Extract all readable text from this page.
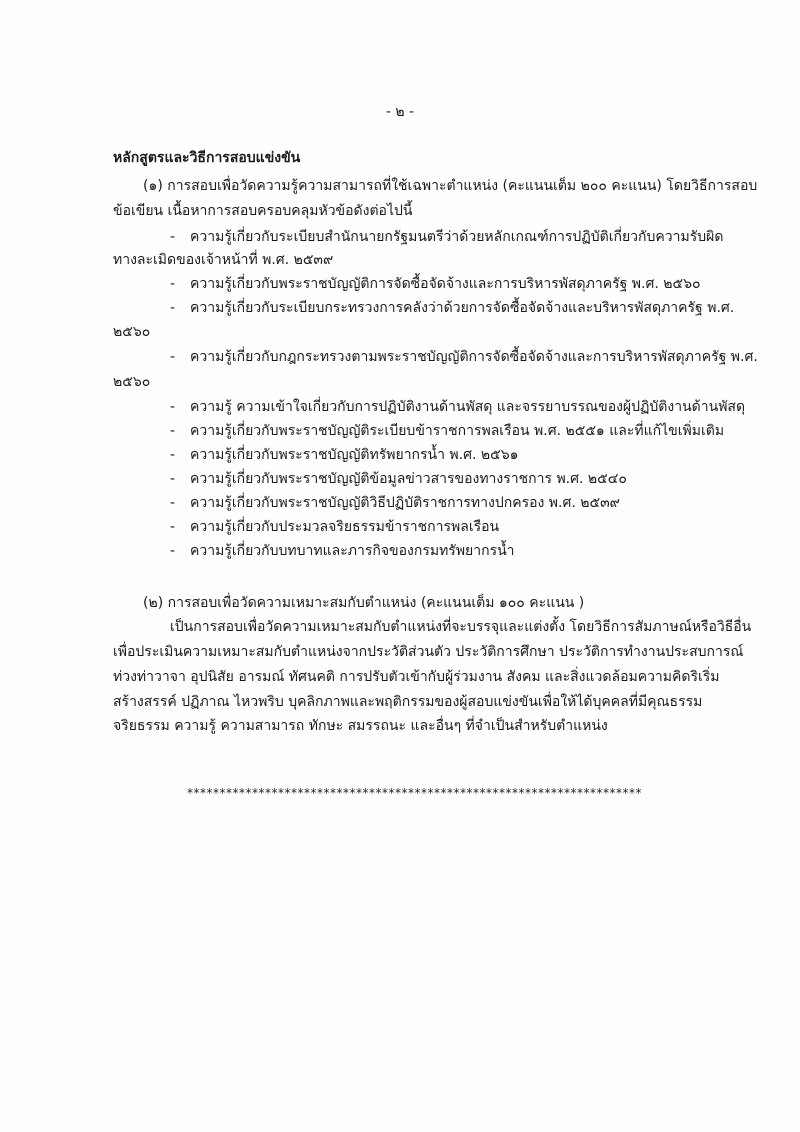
- ๒ -
หลักสูตรและวิธีการสอบแข่งขัน
(๑) การสอบเพื่อวัดความรู้ความสามารถที่ใช้เฉพาะตำแหน่ง (คะแนนเต็ม ๒๐๐ คะแนน) โดยวิธีการสอบ
ข้อเขียน เนื้อหาการสอบครอบคลุมหัวข้อดังต่อไปนี้
- ความรู้เกี่ยวกับระเบียบสำนักนายกรัฐมนตรีว่าด้วยหลักเกณฑ์การปฏิบัติเกี่ยวกับความรับผิด
ทางละเมิดของเจ้าหน้าที่ พ.ศ. ๒๕๓๙
- ความรู้เกี่ยวกับพระราชบัญญัติการจัดซื้อจัดจ้างและการบริหารพัสดุภาครัฐ พ.ศ. ๒๕๖๐
- ความรู้เกี่ยวกับระเบียบกระทรวงการคลังว่าด้วยการจัดซื้อจัดจ้างและบริหารพัสดุภาครัฐ พ.ศ.
๒๕๖๐
- ความรู้เกี่ยวกับกฎกระทรวงตามพระราชบัญญัติการจัดซื้อจัดจ้างและการบริหารพัสดุภาครัฐ พ.ศ.
๒๕๖๐
- ความรู้ ความเข้าใจเกี่ยวกับการปฏิบัติงานด้านพัสดุ และจรรยาบรรณของผู้ปฏิบัติงานด้านพัสดุ
- ความรู้เกี่ยวกับพระราชบัญญัติระเบียบข้าราชการพลเรือน พ.ศ. ๒๕๕๑ และที่แก้ไขเพิ่มเติม
- ความรู้เกี่ยวกับพระราชบัญญัติทรัพยากรน้ำ พ.ศ. ๒๕๖๑
- ความรู้เกี่ยวกับพระราชบัญญัติข้อมูลข่าวสารของทางราชการ พ.ศ. ๒๕๔๐
- ความรู้เกี่ยวกับพระราชบัญญัติวิธีปฏิบัติราชการทางปกครอง พ.ศ. ๒๕๓๙
- ความรู้เกี่ยวกับประมวลจริยธรรมข้าราชการพลเรือน
- ความรู้เกี่ยวกับบทบาทและภารกิจของกรมทรัพยากรน้ำ
(๒) การสอบเพื่อวัดความเหมาะสมกับตำแหน่ง (คะแนนเต็ม ๑๐๐ คะแนน )
เป็นการสอบเพื่อวัดความเหมาะสมกับตำแหน่งที่จะบรรจุและแต่งตั้ง โดยวิธีการสัมภาษณ์หรือวิธีอื่น
เพื่อประเมินความเหมาะสมกับตำแหน่งจากประวัติส่วนตัว ประวัติการศึกษา ประวัติการทำงานประสบการณ์
ท่วงท่าวาจา อุปนิสัย อารมณ์ ทัศนคติ การปรับตัวเข้ากับผู้ร่วมงาน สังคม และสิ่งแวดล้อมความคิดริเริ่ม
สร้างสรรค์ ปฏิภาณ ไหวพริบ บุคลิกภาพและพฤติกรรมของผู้สอบแข่งขันเพื่อให้ได้บุคคลที่มีคุณธรรม
จริยธรรม ความรู้ ความสามารถ ทักษะ สมรรถนะ และอื่นๆ ที่จำเป็นสำหรับตำแหน่ง
**********************************************************************
